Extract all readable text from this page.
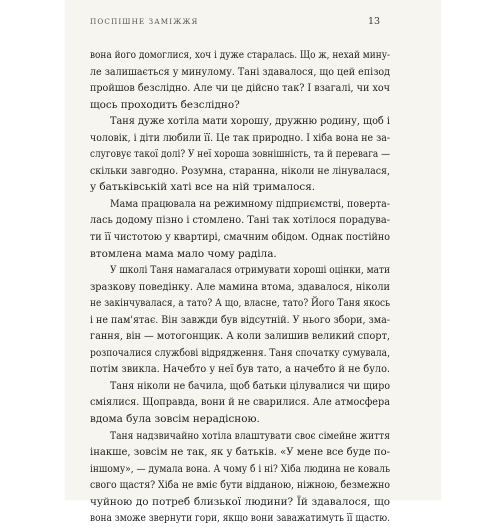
ПОСПІШНЕ ЗАМІЖЖЯ	13
вона його домоглися, хоч і дуже старалась. Що ж, нехай мину-
ле залишається у минулому. Тані здавалося, що цей епізод
пройшов безслідно. Але чи це дійсно так? І взагалі, чи хоч
щось проходить безслідно?
Таня дуже хотіла мати хорошу, дружню родину, щоб і
чоловік, і діти любили її. Це так природно. І хіба вона не за-
слуговує такої долі? У неї хороша зовнішність, та й перевага —
скільки завгодно. Розумна, старанна, ніколи не лінувалася,
у батьківській хаті все на ній трималося.
Мама працювала на режимному підприємстві, поверта-
лась додому пізно і стомлено. Тані так хотілося порадува-
ти її чистотою у квартирі, смачним обідом. Однак постійно
втомлена мама мало чому раділа.
У школі Таня намагалася отримувати хороші оцінки, мати
зразкову поведінку. Але мамина втома, здавалося, ніколи
не закінчувалася, а тато? А що, власне, тато? Його Таня якось
і не пам'ятає. Він завжди був відсутній. У нього збори, зма-
гання, він — мотогонщик. А коли залишив великий спорт,
розпочалися службові відрядження. Таня спочатку сумувала,
потім звикла. Начебто у неї був тато, а начебто й не було.
Таня ніколи не бачила, щоб батьки цілувалися чи щиро
сміялися. Щоправда, вони й не сварилися. Але атмосфера
вдома була зовсім нерадісною.
Таня надзвичайно хотіла влаштувати своє сімейне життя
інакше, зовсім не так, як у батьків. «У мене все буде по-
іншому», — думала вона. А чому б і ні? Хіба людина не коваль
свого щастя? Хіба не вміє бути відданою, ніжною, безмежно
чуйною до потреб близької людини? Їй здавалося, що
вона зможе звернути гори, якщо вони заважатимуть її щастю.
